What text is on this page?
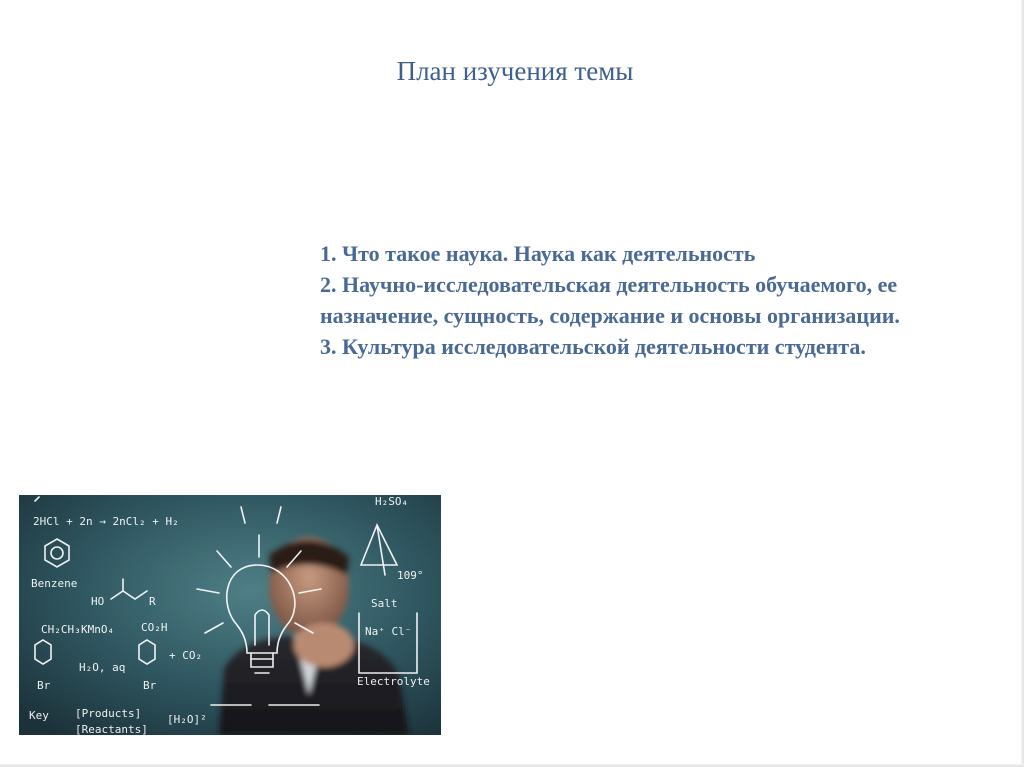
План изучения темы
1. Что такое наука. Наука как деятельность
2. Научно-исследовательская деятельность обучаемого, ее назначение, сущность, содержание и основы организации.
3. Культура исследовательской деятельности студента.
2HCl + 2n → 2nCl₂ + H₂
Benzene
HO	R
CH₂CH₃ KMnO₄
H₂O, aq
CO₂H
+ CO₂
Br	Br
Salt
Na⁺ Cl⁻
Electrolyte
Key [Products]
[Reactants]
[H₂O]²
H₂SO₄
109°
